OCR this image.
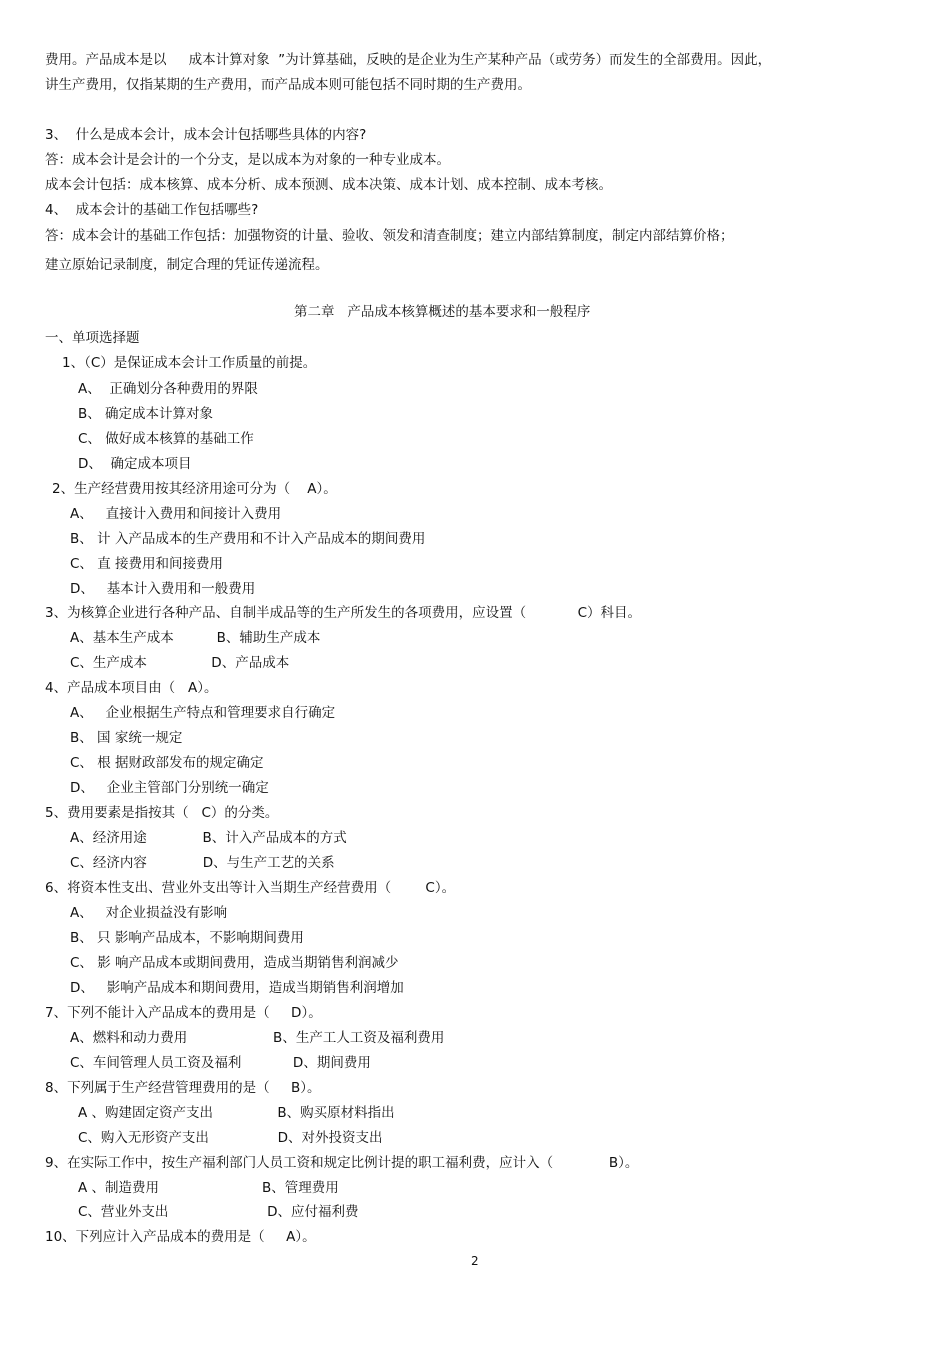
费用。产品成本是以  　成本计算对象  ”为计算基础，反映的是企业为生产某种产品（或劳务）而发生的全部费用。因此，
讲生产费用，仅指某期的生产费用，而产品成本则可能包括不同时期的生产费用。
3、  什么是成本会计，成本会计包括哪些具体的内容?
答：成本会计是会计的一个分支，是以成本为对象的一种专业成本。
成本会计包括：成本核算、成本分析、成本预测、成本决策、成本计划、成本控制、成本考核。
4、  成本会计的基础工作包括哪些?
答：成本会计的基础工作包括：加强物资的计量、验收、领发和清查制度；建立内部结算制度，制定内部结算价格；
建立原始记录制度，制定合理的凭证传递流程。
第二章   产品成本核算概述的基本要求和一般程序
一、单项选择题
1、（C）是保证成本会计工作质量的前提。
A、  正确划分各种费用的界限
B、 确定成本计算对象
C、 做好成本核算的基础工作
D、  确定成本项目
2、生产经营费用按其经济用途可分为（    A）。
A、   直接计入费用和间接计入费用
B、 计 入产品成本的生产费用和不计入产品成本的期间费用
C、 直 接费用和间接费用
D、   基本计入费用和一般费用
3、为核算企业进行各种产品、自制半成品等的生产所发生的各项费用，应设置（            C）科目。
A、基本生产成本          B、辅助生产成本
C、生产成本               D、产品成本
4、产品成本项目由（   A）。
A、   企业根据生产特点和管理要求自行确定
B、 国 家统一规定
C、 根 据财政部发布的规定确定
D、   企业主管部门分别统一确定
5、费用要素是指按其（   C）的分类。
A、经济用途             B、计入产品成本的方式
C、经济内容             D、与生产工艺的关系
6、将资本性支出、营业外支出等计入当期生产经营费用（        C）。
A、   对企业损益没有影响
B、 只 影响产品成本，不影响期间费用
C、 影 响产品成本或期间费用，造成当期销售利润减少
D、   影响产品成本和期间费用，造成当期销售利润增加
7、下列不能计入产品成本的费用是（     D）。
A、燃料和动力费用                    B、生产工人工资及福利费用
C、车间管理人员工资及福利            D、期间费用
8、下列属于生产经营管理费用的是（     B）。
A 、购建固定资产支出               B、购买原材料指出
C、购入无形资产支出                D、对外投资支出
9、在实际工作中，按生产福利部门人员工资和规定比例计提的职工福利费，应计入（             B）。
A 、制造费用                        B、管理费用
C、营业外支出                       D、应付福利费
10、下列应计入产品成本的费用是（     A）。
2
